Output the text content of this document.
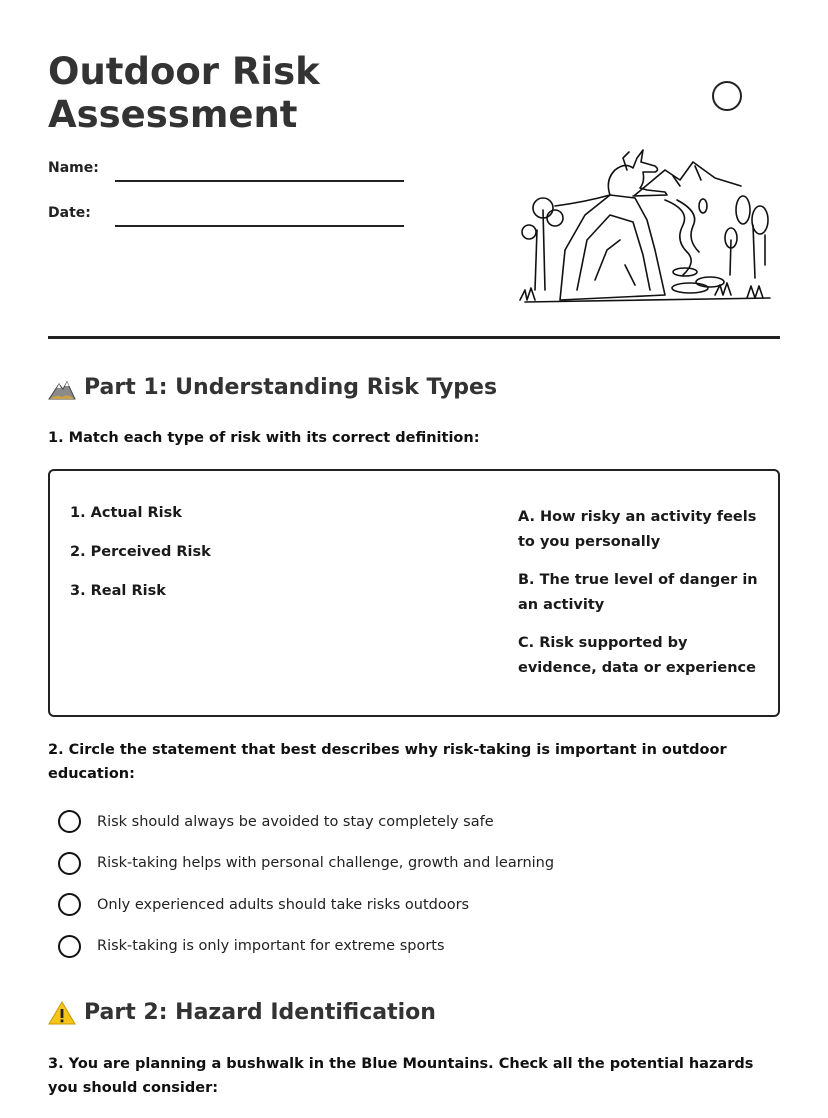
Outdoor Risk
Assessment
Name:
Date:
Part 1: Understanding Risk Types
1. Match each type of risk with its correct definition:
1. Actual Risk
2. Perceived Risk
3. Real Risk
A. How risky an activity feels to you personally
B. The true level of danger in an activity
C. Risk supported by evidence, data or experience
2. Circle the statement that best describes why risk-taking is important in outdoor education:
Risk should always be avoided to stay completely safe
Risk-taking helps with personal challenge, growth and learning
Only experienced adults should take risks outdoors
Risk-taking is only important for extreme sports
Part 2: Hazard Identification
3. You are planning a bushwalk in the Blue Mountains. Check all the potential hazards you should consider:
